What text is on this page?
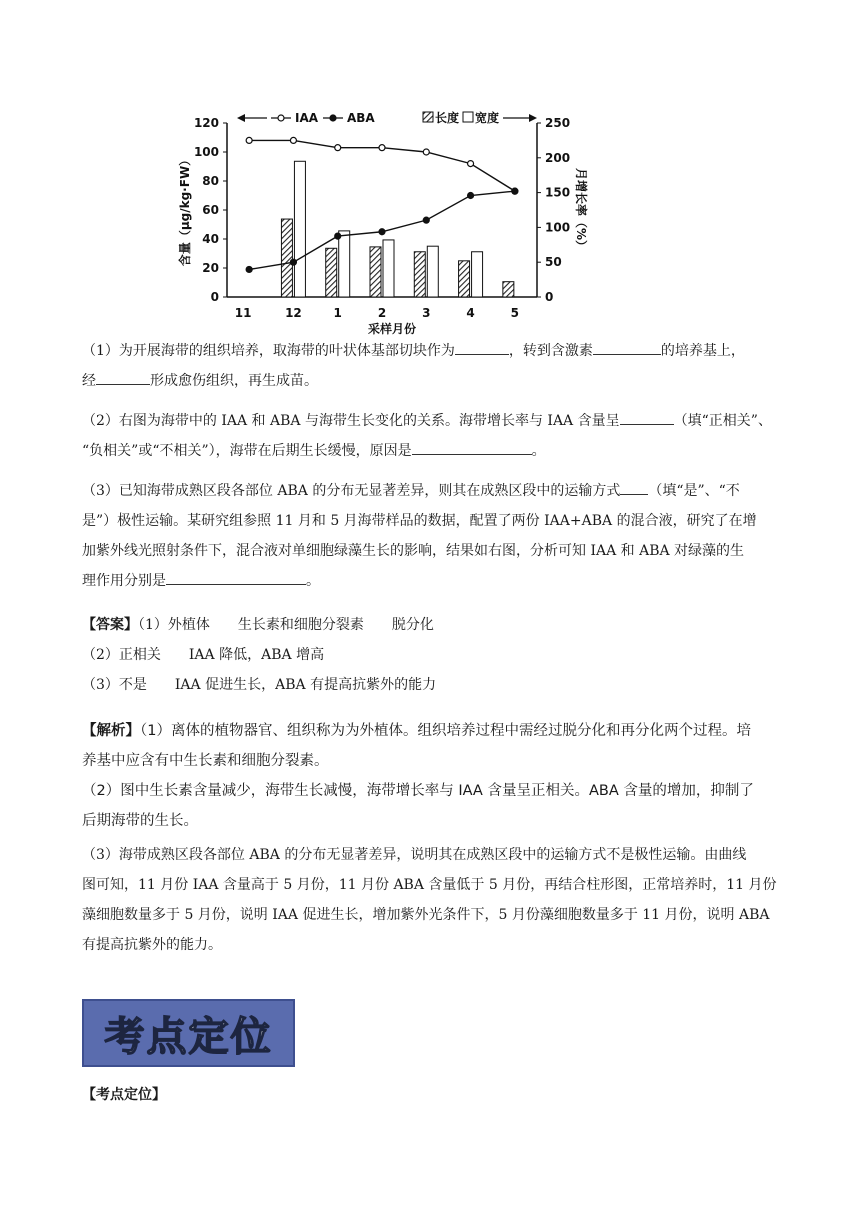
0
20
40
60
80
100
120
0
50
100
150
200
250
11	12	1	2	3	4	5
含量（μg/kg·FW）	月增长率（%）
采样月份
IAA ABA	长度 宽度

（1）为开展海带的组织培养，取海带的叶状体基部切块作为	，转到含激素	的培养基上，
经	形成愈伤组织，再生成苗。

（2）右图为海带中的 IAA 和 ABA 与海带生长变化的关系。海带增长率与 IAA 含量呈	（填“正相关”、
“负相关”或“不相关”），海带在后期生长缓慢，原因是	。

（3）已知海带成熟区段各部位 ABA 的分布无显著差异，则其在成熟区段中的运输方式 （填“是”、“不
是”）极性运输。某研究组参照 11 月和 5 月海带样品的数据，配置了两份 IAA+ABA 的混合液，研究了在增
加紫外线光照射条件下，混合液对单细胞绿藻生长的影响，结果如右图，分析可知 IAA 和 ABA 对绿藻的生
理作用分别是	。

【答案】（1）外植体　　生长素和细胞分裂素　　脱分化
（2）正相关　　IAA 降低，ABA 增高
（3）不是　　IAA 促进生长，ABA 有提高抗紫外的能力

【解析】（1）离体的植物器官、组织称为为外植体。组织培养过程中需经过脱分化和再分化两个过程。培
养基中应含有中生长素和细胞分裂素。
（2）图中生长素含量减少，海带生长减慢，海带增长率与 IAA 含量呈正相关。ABA 含量的增加，抑制了
后期海带的生长。

（3）海带成熟区段各部位 ABA 的分布无显著差异，说明其在成熟区段中的运输方式不是极性运输。由曲线
图可知，11 月份 IAA 含量高于 5 月份，11 月份 ABA 含量低于 5 月份，再结合柱形图，正常培养时，11 月份
藻细胞数量多于 5 月份，说明 IAA 促进生长，增加紫外光条件下，5 月份藻细胞数量多于 11 月份，说明 ABA
有提高抗紫外的能力。

考点定位

【考点定位】
